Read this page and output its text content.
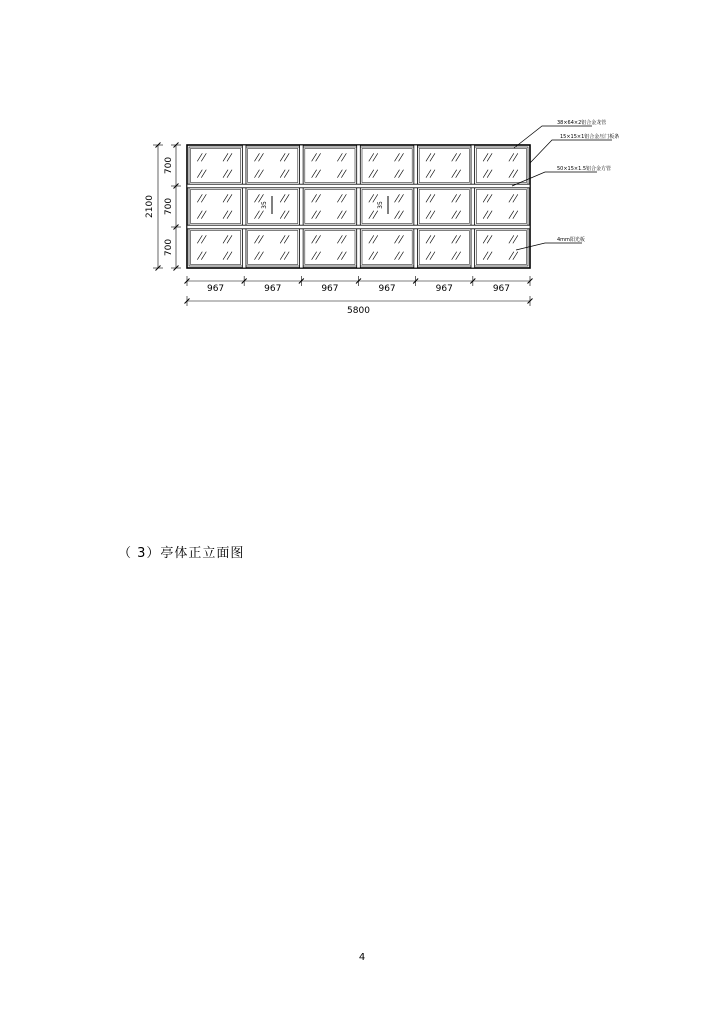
35	35
967	967	967	967	967	967
5800
700
700
700
2100
38×64×2铝合金龙管
15×15×1铝合金压门板条
50×15×1.5铝合金方管
4mm阳光板
（ 3）亭体正立面图
4
